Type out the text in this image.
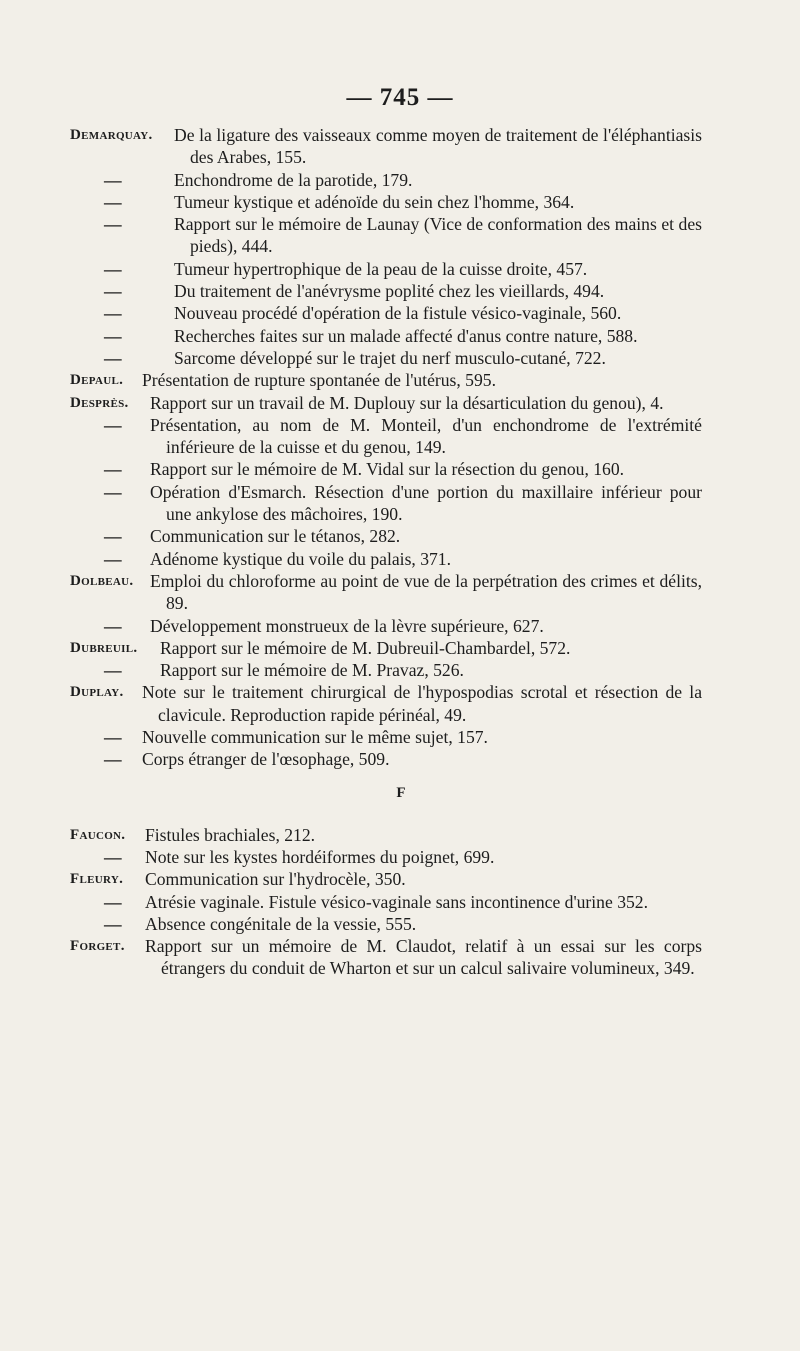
— 745 —
Demarquay. De la ligature des vaisseaux comme moyen de traitement de l'éléphantiasis des Arabes, 155.
—	Enchondrome de la parotide, 179.
—	Tumeur kystique et adénoïde du sein chez l'homme, 364.
—	Rapport sur le mémoire de Launay (Vice de conformation des mains et des pieds), 444.
—	Tumeur hypertrophique de la peau de la cuisse droite, 457.
—	Du traitement de l'anévrysme poplité chez les vieillards, 494.
—	Nouveau procédé d'opération de la fistule vésico-vaginale, 560.
—	Recherches faites sur un malade affecté d'anus contre nature, 588.
—	Sarcome développé sur le trajet du nerf musculo-cutané, 722.
Depaul. Présentation de rupture spontanée de l'utérus, 595.
Desprès. Rapport sur un travail de M. Duplouy sur la désarticulation du genou), 4.
— Présentation, au nom de M. Monteil, d'un enchondrome de l'extrémité inférieure de la cuisse et du genou, 149.
— Rapport sur le mémoire de M. Vidal sur la résection du genou, 160.
— Opération d'Esmarch. Résection d'une portion du maxillaire inférieur pour une ankylose des mâchoires, 190.
— Communication sur le tétanos, 282.
— Adénome kystique du voile du palais, 371.
Dolbeau. Emploi du chloroforme au point de vue de la perpétration des crimes et délits, 89.
— Développement monstrueux de la lèvre supérieure, 627.
Dubreuil. Rapport sur le mémoire de M. Dubreuil-Chambardel, 572.
— Rapport sur le mémoire de M. Pravaz, 526.
Duplay. Note sur le traitement chirurgical de l'hypospodias scrotal et résection de la clavicule. Reproduction rapide périnéal, 49.
— Nouvelle communication sur le même sujet, 157.
— Corps étranger de l'œsophage, 509.
F
Faucon. Fistules brachiales, 212.
— Note sur les kystes hordéiformes du poignet, 699.
Fleury. Communication sur l'hydrocèle, 350.
— Atrésie vaginale. Fistule vésico-vaginale sans incontinence d'urine 352.
— Absence congénitale de la vessie, 555.
Forget. Rapport sur un mémoire de M. Claudot, relatif à un essai sur les corps étrangers du conduit de Wharton et sur un calcul salivaire volumineux, 349.
